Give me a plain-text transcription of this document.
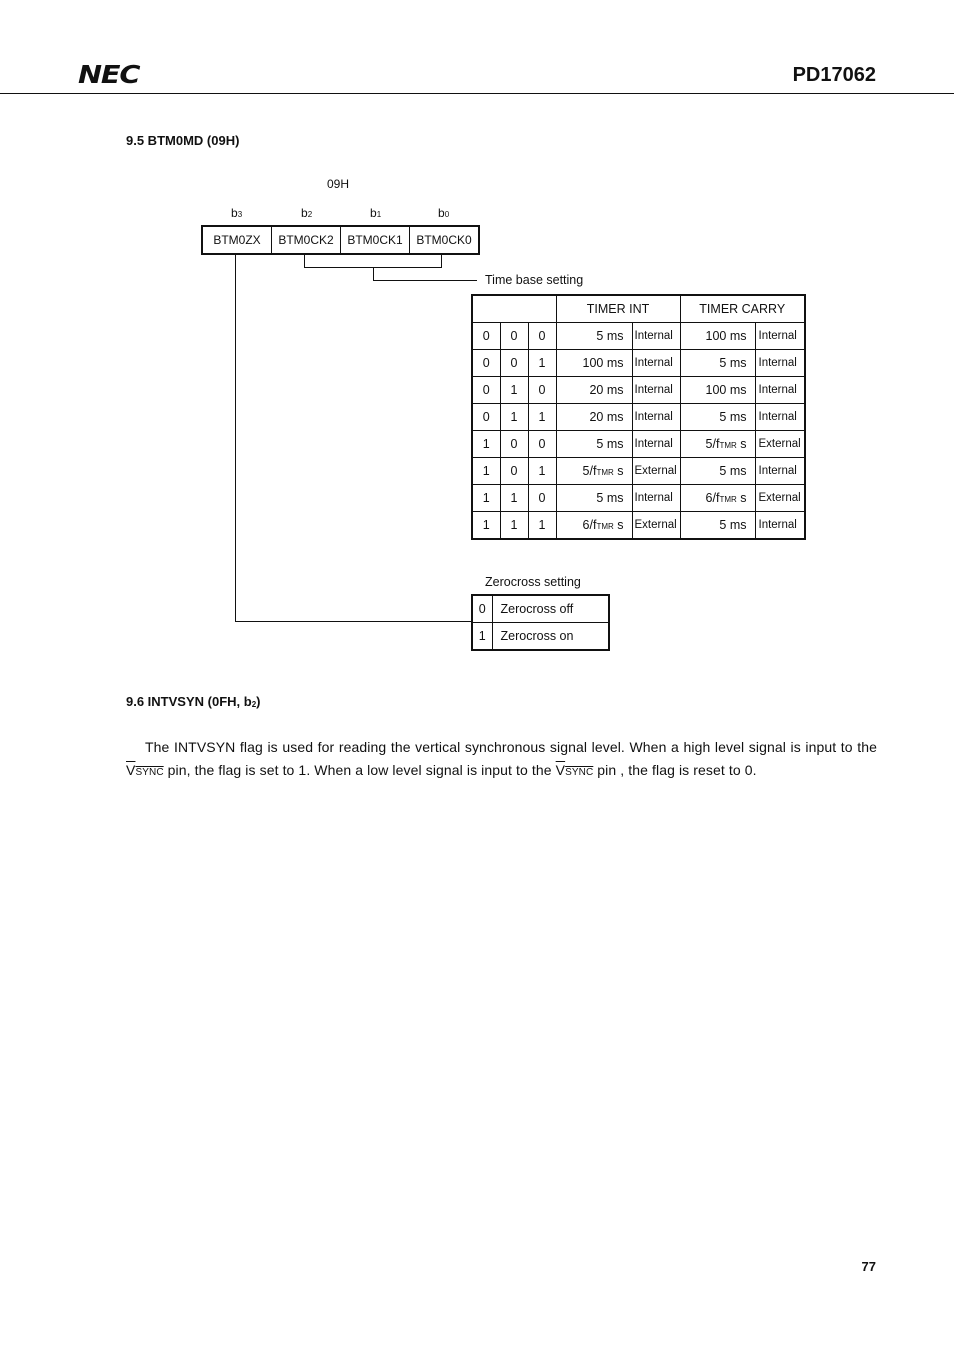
NEC	PD17062
9.5 BTM0MD (09H)
09H
b3	b2	b1	b0
BTM0ZX	BTM0CK2	BTM0CK1	BTM0CK0
Time base setting
			TIMER INT		TIMER CARRY	
0	0	0	5 ms	Internal	100 ms	Internal
0	0	1	100 ms	Internal	5 ms	Internal
0	1	0	20 ms	Internal	100 ms	Internal
0	1	1	20 ms	Internal	5 ms	Internal
1	0	0	5 ms	Internal	5/fTMR s	External
1	0	1	5/fTMR s	External	5 ms	Internal
1	1	0	5 ms	Internal	6/fTMR s	External
1	1	1	6/fTMR s	External	5 ms	Internal
Zerocross setting
0	Zerocross off
1	Zerocross on
9.6 INTVSYN (0FH, b2)
The INTVSYN flag is used for reading the vertical synchronous signal level. When a high level signal is input to the VSYNC pin, the flag is set to 1. When a low level signal is input to the VSYNC pin , the flag is reset to 0.
77
